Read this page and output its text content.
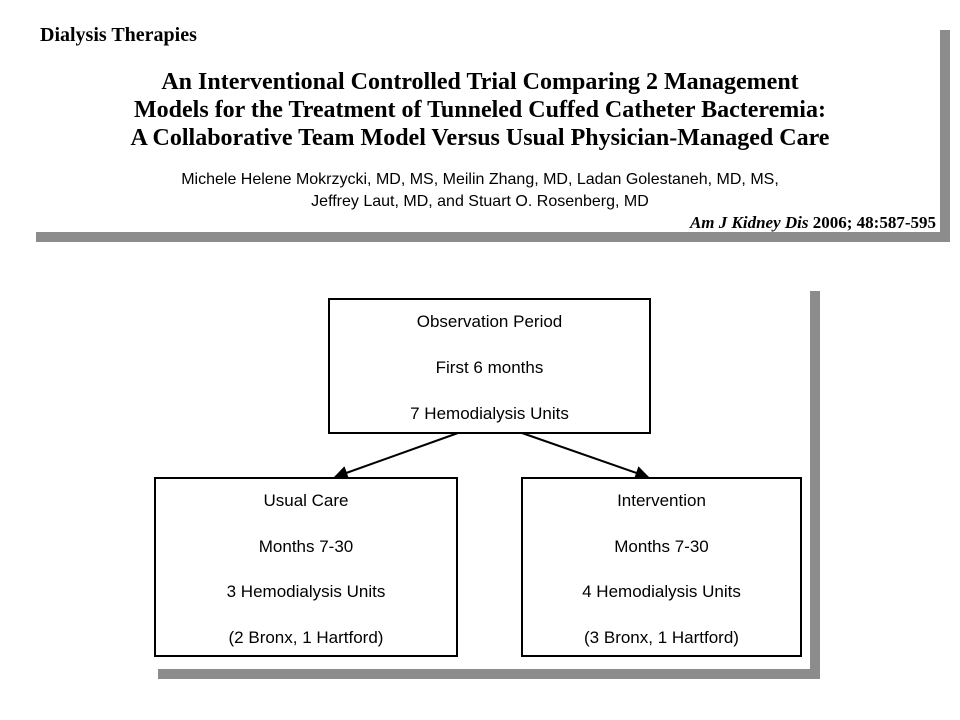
Dialysis Therapies
An Interventional Controlled Trial Comparing 2 Management
Models for the Treatment of Tunneled Cuffed Catheter Bacteremia:
A Collaborative Team Model Versus Usual Physician-Managed Care
Michele Helene Mokrzycki, MD, MS, Meilin Zhang, MD, Ladan Golestaneh, MD, MS,
Jeffrey Laut, MD, and Stuart O. Rosenberg, MD
Am J Kidney Dis 2006; 48:587-595
Observation Period
First 6 months
7 Hemodialysis Units
Usual Care
Months 7-30
3 Hemodialysis Units
(2 Bronx, 1 Hartford)
Intervention
Months 7-30
4 Hemodialysis Units
(3 Bronx, 1 Hartford)
